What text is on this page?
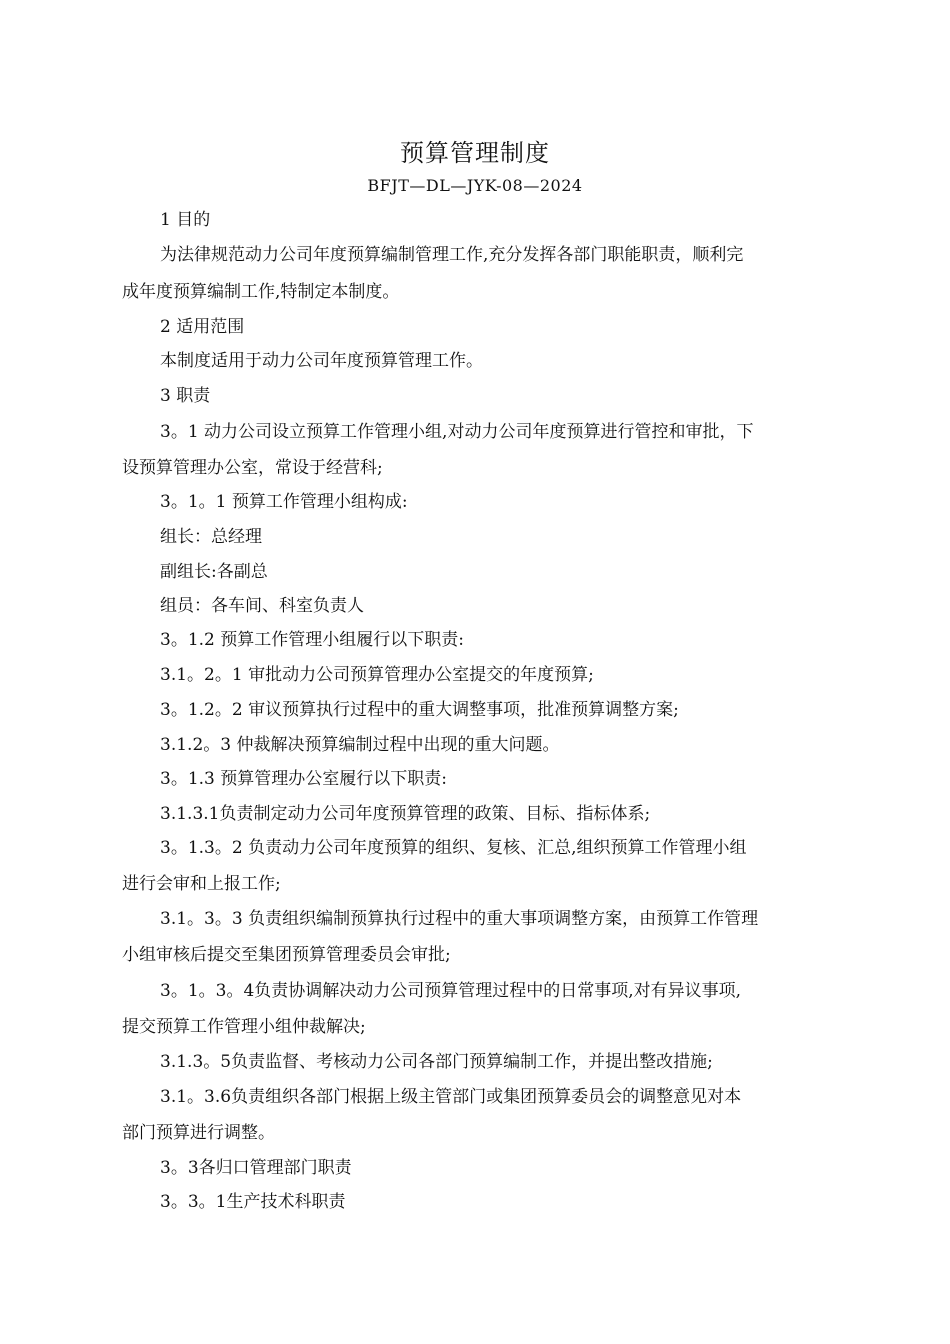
预算管理制度
BFJT—DL—JYK-08—2024
1 目的
为法律规范动力公司年度预算编制管理工作,充分发挥各部门职能职责，顺利完
成年度预算编制工作,特制定本制度。
2 适用范围
本制度适用于动力公司年度预算管理工作。
3 职责
3。1 动力公司设立预算工作管理小组,对动力公司年度预算进行管控和审批，下
设预算管理办公室，常设于经营科;
3。1。1 预算工作管理小组构成:
组长：总经理
副组长:各副总
组员：各车间、科室负责人
3。1.2 预算工作管理小组履行以下职责:
3.1。2。1 审批动力公司预算管理办公室提交的年度预算;
3。1.2。2 审议预算执行过程中的重大调整事项，批准预算调整方案;
3.1.2。3 仲裁解决预算编制过程中出现的重大问题。
3。1.3 预算管理办公室履行以下职责:
3.1.3.1负责制定动力公司年度预算管理的政策、目标、指标体系;
3。1.3。2 负责动力公司年度预算的组织、复核、汇总,组织预算工作管理小组
进行会审和上报工作;
3.1。3。3 负责组织编制预算执行过程中的重大事项调整方案，由预算工作管理
小组审核后提交至集团预算管理委员会审批;
3。1。3。4负责协调解决动力公司预算管理过程中的日常事项,对有异议事项,
提交预算工作管理小组仲裁解决;
3.1.3。5负责监督、考核动力公司各部门预算编制工作，并提出整改措施;
3.1。3.6负责组织各部门根据上级主管部门或集团预算委员会的调整意见对本
部门预算进行调整。
3。3各归口管理部门职责
3。3。1生产技术科职责
